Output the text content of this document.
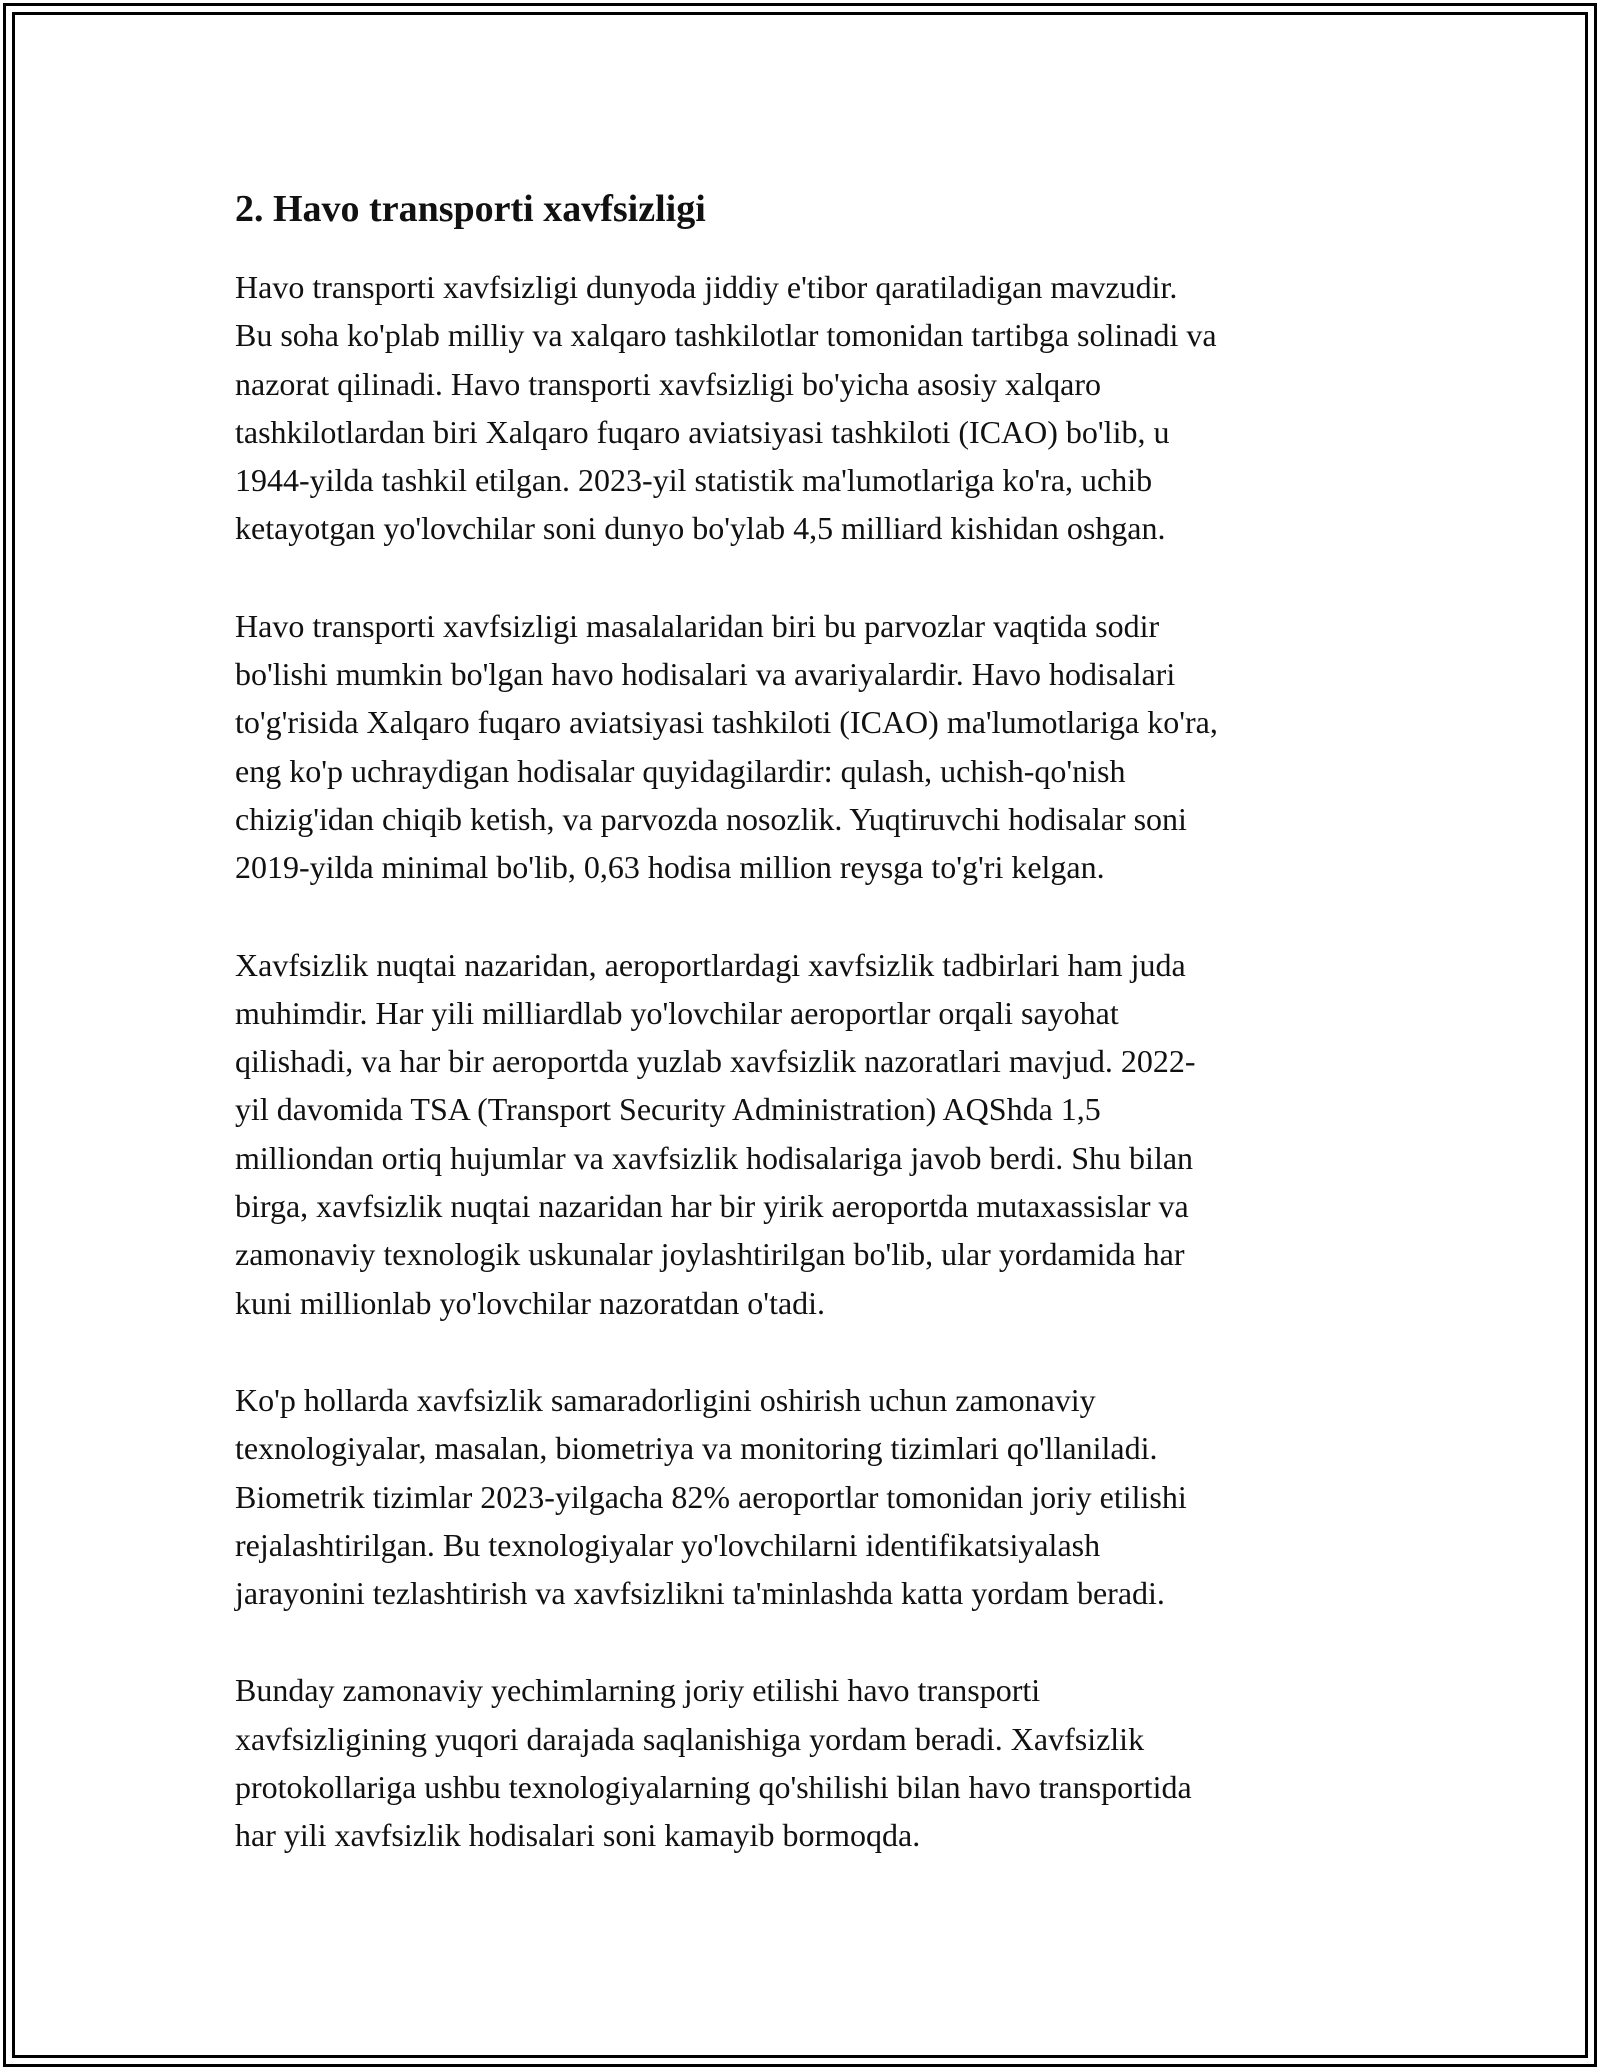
2. Havo transporti xavfsizligi

Havo transporti xavfsizligi dunyoda jiddiy e'tibor qaratiladigan mavzudir.
Bu soha ko'plab milliy va xalqaro tashkilotlar tomonidan tartibga solinadi va
nazorat qilinadi. Havo transporti xavfsizligi bo'yicha asosiy xalqaro
tashkilotlardan biri Xalqaro fuqaro aviatsiyasi tashkiloti (ICAO) bo'lib, u
1944-yilda tashkil etilgan. 2023-yil statistik ma'lumotlariga ko'ra, uchib
ketayotgan yo'lovchilar soni dunyo bo'ylab 4,5 milliard kishidan oshgan.

Havo transporti xavfsizligi masalalaridan biri bu parvozlar vaqtida sodir
bo'lishi mumkin bo'lgan havo hodisalari va avariyalardir. Havo hodisalari
to'g'risida Xalqaro fuqaro aviatsiyasi tashkiloti (ICAO) ma'lumotlariga ko'ra,
eng ko'p uchraydigan hodisalar quyidagilardir: qulash, uchish-qo'nish
chizig'idan chiqib ketish, va parvozda nosozlik. Yuqtiruvchi hodisalar soni
2019-yilda minimal bo'lib, 0,63 hodisa million reysga to'g'ri kelgan.

Xavfsizlik nuqtai nazaridan, aeroportlardagi xavfsizlik tadbirlari ham juda
muhimdir. Har yili milliardlab yo'lovchilar aeroportlar orqali sayohat
qilishadi, va har bir aeroportda yuzlab xavfsizlik nazoratlari mavjud. 2022-
yil davomida TSA (Transport Security Administration) AQShda 1,5
milliondan ortiq hujumlar va xavfsizlik hodisalariga javob berdi. Shu bilan
birga, xavfsizlik nuqtai nazaridan har bir yirik aeroportda mutaxassislar va
zamonaviy texnologik uskunalar joylashtirilgan bo'lib, ular yordamida har
kuni millionlab yo'lovchilar nazoratdan o'tadi.

Ko'p hollarda xavfsizlik samaradorligini oshirish uchun zamonaviy
texnologiyalar, masalan, biometriya va monitoring tizimlari qo'llaniladi.
Biometrik tizimlar 2023-yilgacha 82% aeroportlar tomonidan joriy etilishi
rejalashtirilgan. Bu texnologiyalar yo'lovchilarni identifikatsiyalash
jarayonini tezlashtirish va xavfsizlikni ta'minlashda katta yordam beradi.

Bunday zamonaviy yechimlarning joriy etilishi havo transporti
xavfsizligining yuqori darajada saqlanishiga yordam beradi. Xavfsizlik
protokollariga ushbu texnologiyalarning qo'shilishi bilan havo transportida
har yili xavfsizlik hodisalari soni kamayib bormoqda.
